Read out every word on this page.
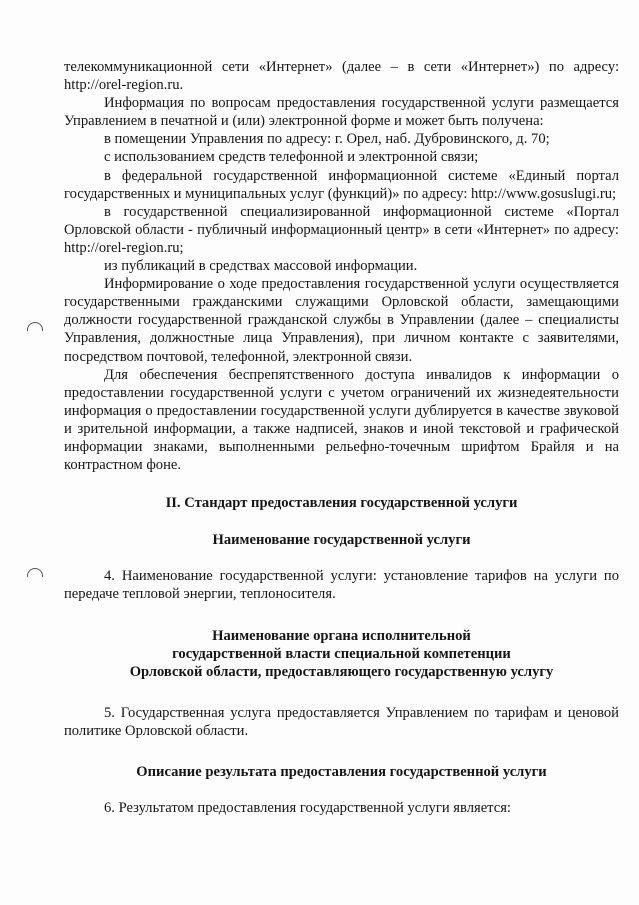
телекоммуникационной сети «Интернет» (далее – в сети «Интернет») по адресу: http://orel-region.ru.

Информация по вопросам предоставления государственной услуги размещается Управлением в печатной и (или) электронной форме и может быть получена:

в помещении Управления по адресу: г. Орел, наб. Дубровинского, д. 70;

с использованием средств телефонной и электронной связи;

в федеральной государственной информационной системе «Единый портал государственных и муниципальных услуг (функций)» по адресу: http://www.gosuslugi.ru;

в государственной специализированной информационной системе «Портал Орловской области - публичный информационный центр» в сети «Интернет» по адресу: http://orel-region.ru;

из публикаций в средствах массовой информации.

Информирование о ходе предоставления государственной услуги осуществляется государственными гражданскими служащими Орловской области, замещающими должности государственной гражданской службы в Управлении (далее – специалисты Управления, должностные лица Управления), при личном контакте с заявителями, посредством почтовой, телефонной, электронной связи.

Для обеспечения беспрепятственного доступа инвалидов к информации о предоставлении государственной услуги с учетом ограничений их жизнедеятельности информация о предоставлении государственной услуги дублируется в качестве звуковой и зрительной информации, а также надписей, знаков и иной текстовой и графической информации знаками, выполненными рельефно-точечным шрифтом Брайля и на контрастном фоне.

II. Стандарт предоставления государственной услуги

Наименование государственной услуги

4. Наименование государственной услуги: установление тарифов на услуги по передаче тепловой энергии, теплоносителя.

Наименование органа исполнительной

государственной власти специальной компетенции

Орловской области, предоставляющего государственную услугу

5. Государственная услуга предоставляется Управлением по тарифам и ценовой политике Орловской области.

Описание результата предоставления государственной услуги

6. Результатом предоставления государственной услуги является:
